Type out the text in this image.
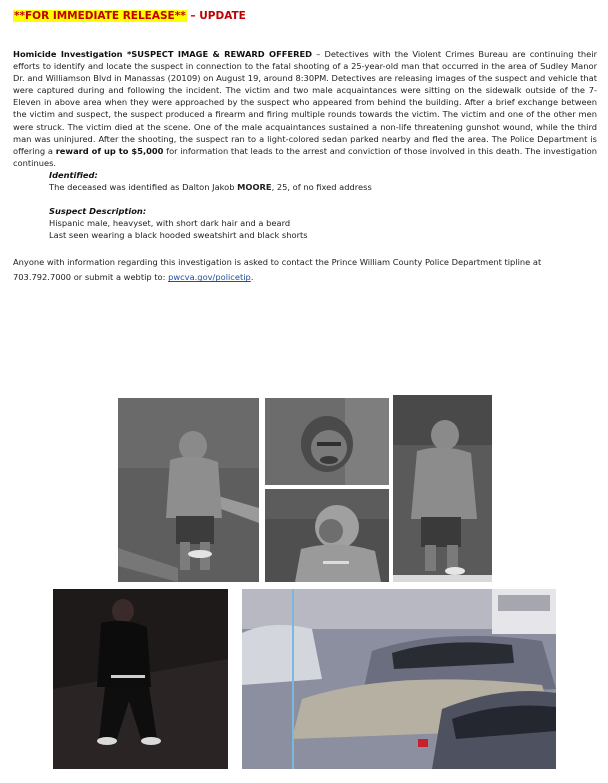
**FOR IMMEDIATE RELEASE** – UPDATE

Homicide Investigation *SUSPECT IMAGE & REWARD OFFERED – Detectives with the Violent Crimes Bureau are continuing their efforts to identify and locate the suspect in connection to the fatal shooting of a 25-year-old man that occurred in the area of Sudley Manor Dr. and Williamson Blvd in Manassas (20109) on August 19, around 8:30PM. Detectives are releasing images of the suspect and vehicle that were captured during and following the incident. The victim and two male acquaintances were sitting on the sidewalk outside of the 7-Eleven in above area when they were approached by the suspect who appeared from behind the building. After a brief exchange between the victim and suspect, the suspect produced a firearm and firing multiple rounds towards the victim. The victim and one of the other men were struck. The victim died at the scene. One of the male acquaintances sustained a non-life threatening gunshot wound, while the third man was uninjured. After the shooting, the suspect ran to a light-colored sedan parked nearby and fled the area. The Police Department is offering a reward of up to $5,000 for information that leads to the arrest and conviction of those involved in this death. The investigation continues.

Identified:
The deceased was identified as Dalton Jakob MOORE, 25, of no fixed address
Suspect Description:
Hispanic male, heavyset, with short dark hair and a beard
Last seen wearing a black hooded sweatshirt and black shorts

Anyone with information regarding this investigation is asked to contact the Prince William County Police Department tipline at 703.792.7000 or submit a webtip to: pwcva.gov/policetip.
